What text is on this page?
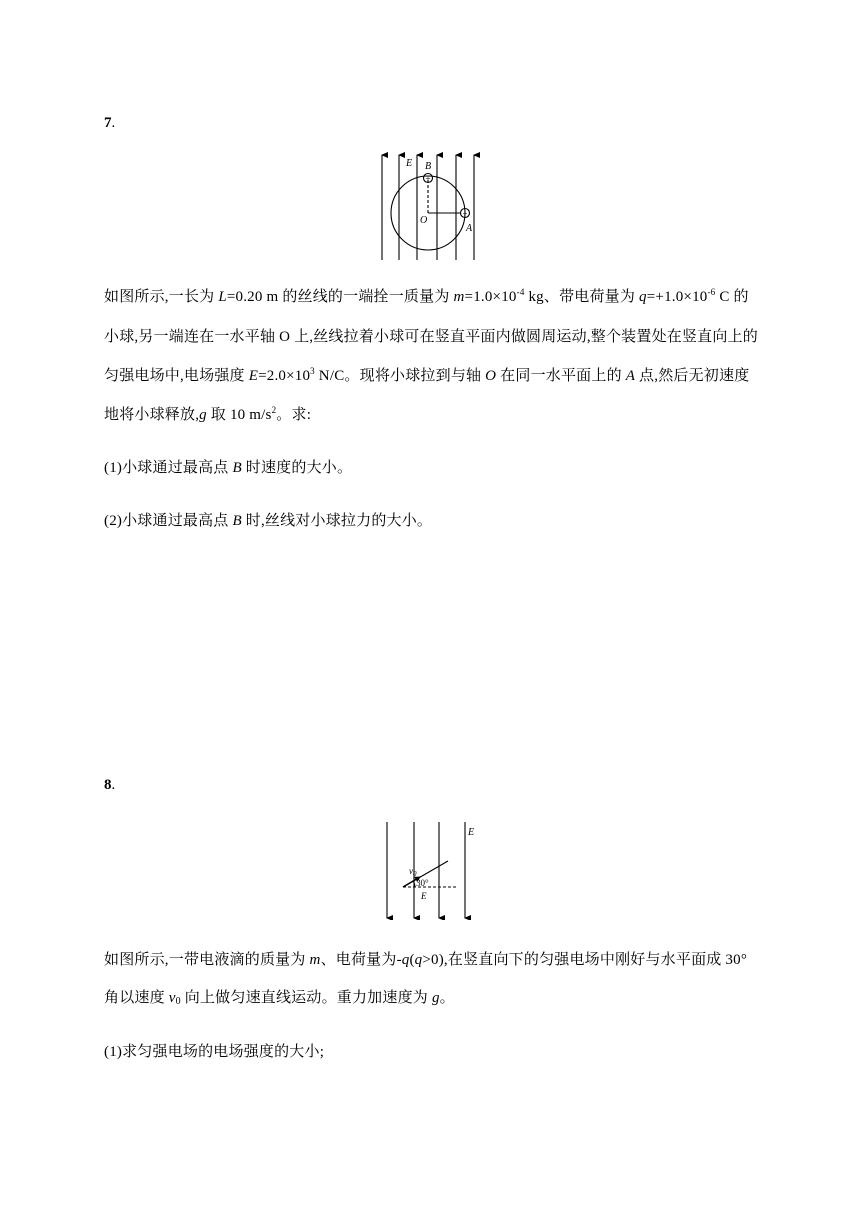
7.
+
+
E B
O
A
如图所示,一长为 L=0.20 m 的丝线的一端拴一质量为 $m=1.0\times 10^{-4}$ kg、带电荷量为 $q=+1.0\times 10^{-6}$ C 的
小球,另一端连在一水平轴 O 上,丝线拉着小球可在竖直平面内做圆周运动,整个装置处在竖直向上的
匀强电场中,电场强度 $E=2.0\times 10^3$ N/C。现将小球拉到与轴 O 在同一水平面上的 A 点,然后无初速度
地将小球释放,g 取 10 $m/s^2$。求:
(1)小球通过最高点 B 时速度的大小。
(2)小球通过最高点 B 时,丝线对小球拉力的大小。
8.
$v_0$
30°
E
E
如图所示,一带电液滴的质量为 m、电荷量为-q(q>0),在竖直向下的匀强电场中刚好与水平面成 30°
角以速度 $v_0$ 向上做匀速直线运动。重力加速度为 g。
(1)求匀强电场的电场强度的大小;
